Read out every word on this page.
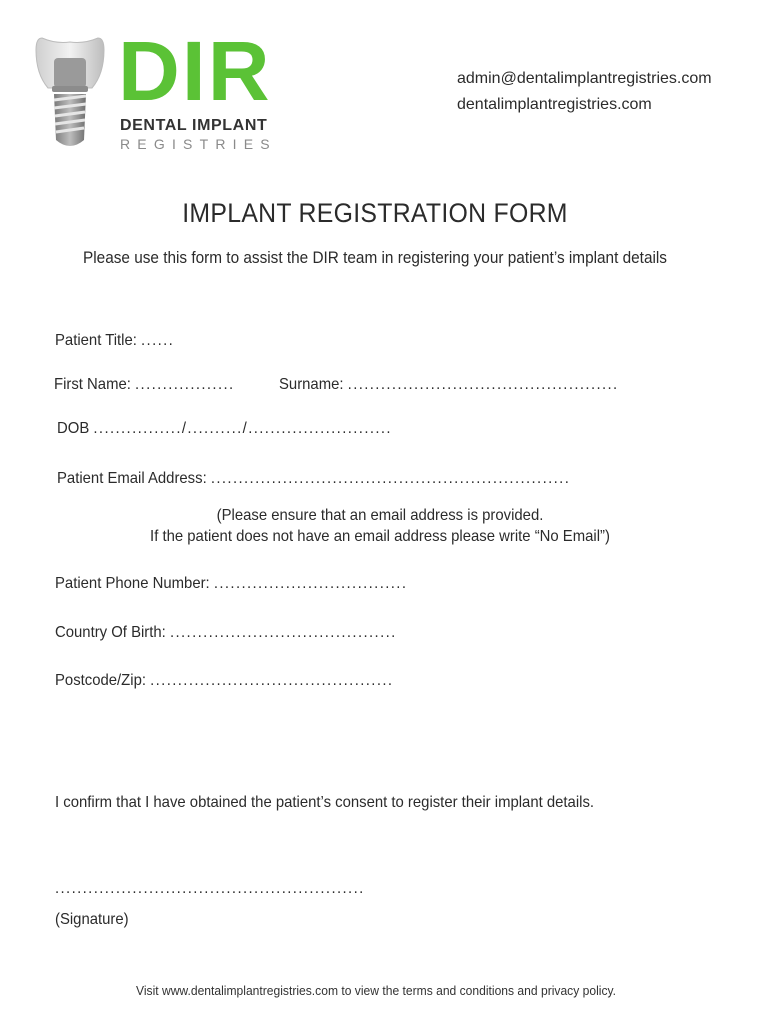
DIR
DENTAL IMPLANT
REGISTRIES
admin@dentalimplantregistries.com
dentalimplantregistries.com
IMPLANT REGISTRATION FORM
Please use this form to assist the DIR team in registering your patient’s implant details
Patient Title: ......
First Name: ..................	Surname: .................................................
DOB ................/........../..........................
Patient Email Address: .................................................................
(Please ensure that an email address is provided.
If the patient does not have an email address please write “No Email”)
Patient Phone Number: ...................................
Country Of Birth: .........................................
Postcode/Zip: ............................................
I confirm that I have obtained the patient’s consent to register their implant details.
........................................................
(Signature)
Visit www.dentalimplantregistries.com to view the terms and conditions and privacy policy.
